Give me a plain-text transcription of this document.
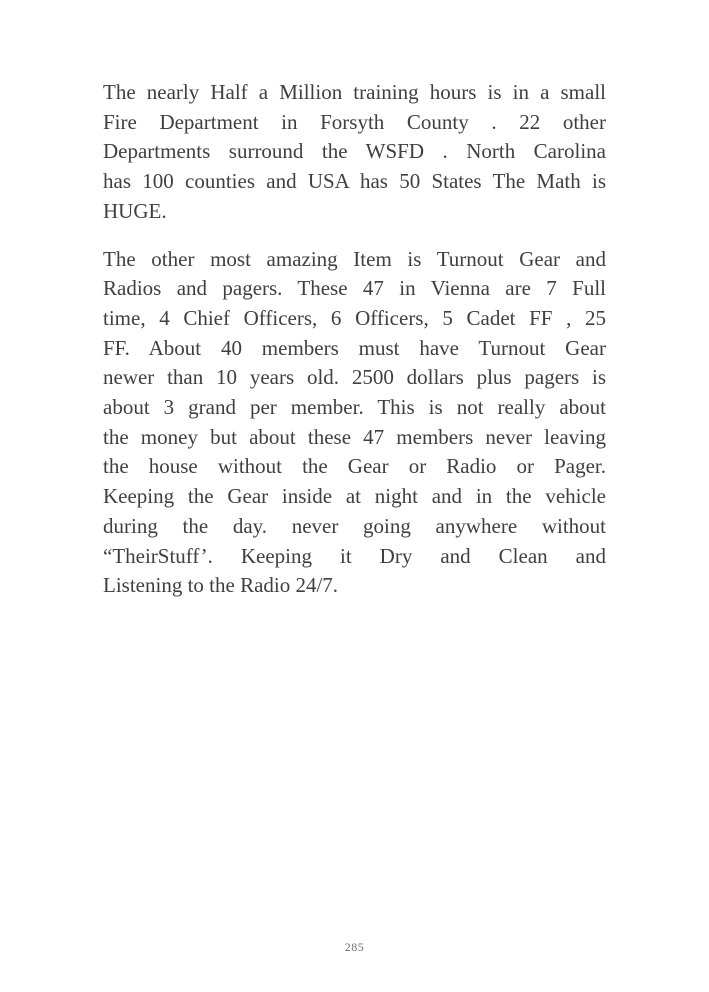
The nearly Half a Million training hours is in a small
Fire Department in Forsyth County . 22 other
Departments surround the WSFD . North Carolina
has 100 counties and USA has 50 States The Math is
HUGE.

The other most amazing Item is Turnout Gear and
Radios and pagers. These 47 in Vienna are 7 Full
time, 4 Chief Officers, 6 Officers, 5 Cadet FF , 25
FF. About 40 members must have Turnout Gear
newer than 10 years old. 2500 dollars plus pagers is
about 3 grand per member. This is not really about
the money but about these 47 members never leaving
the house without the Gear or Radio or Pager.
Keeping the Gear inside at night and in the vehicle
during the day. never going anywhere without
“TheirStuff’. Keeping it Dry and Clean and
Listening to the Radio 24/7.

285
